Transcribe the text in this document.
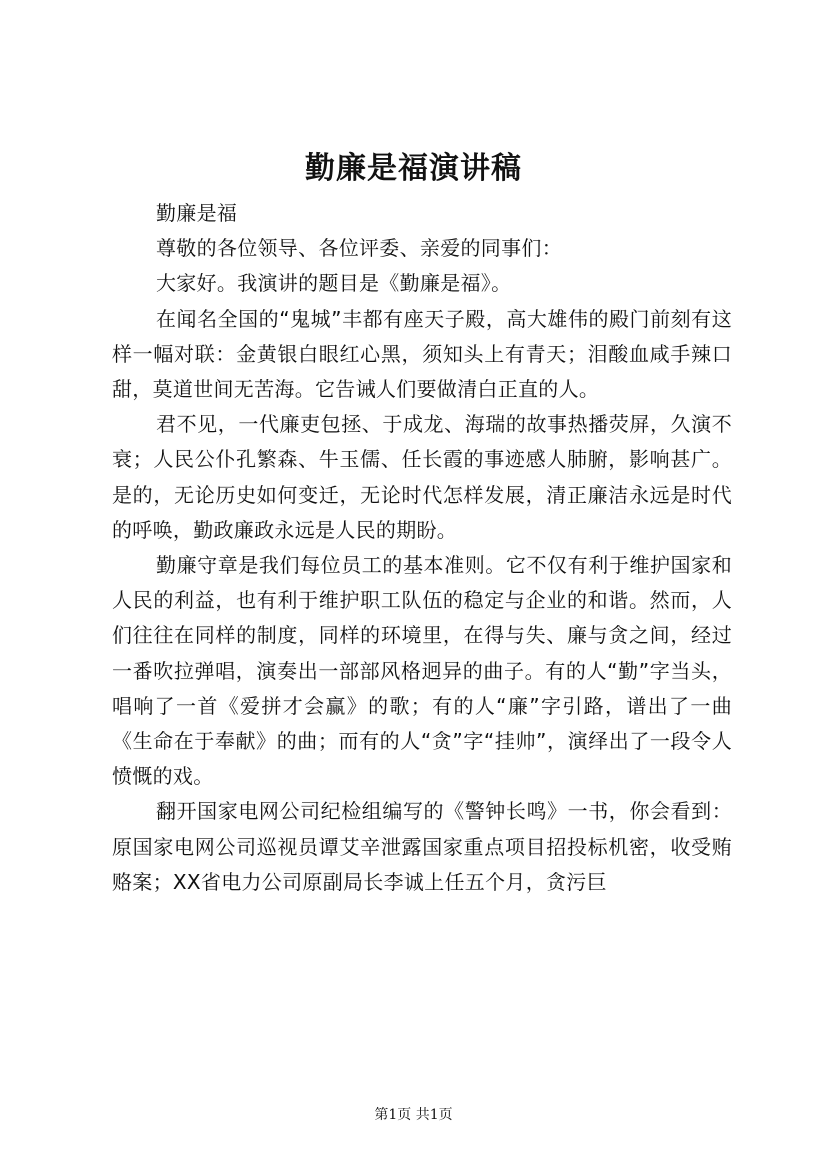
勤廉是福演讲稿

勤廉是福

尊敬的各位领导、各位评委、亲爱的同事们：

大家好。我演讲的题目是《勤廉是福》。

在闻名全国的“鬼城”丰都有座天子殿，高大雄伟的殿门前刻有这样一幅对联：金黄银白眼红心黑，须知头上有青天；泪酸血咸手辣口甜，莫道世间无苦海。它告诫人们要做清白正直的人。

君不见，一代廉吏包拯、于成龙、海瑞的故事热播荧屏，久演不衰；人民公仆孔繁森、牛玉儒、任长霞的事迹感人肺腑，影响甚广。是的，无论历史如何变迁，无论时代怎样发展，清正廉洁永远是时代的呼唤，勤政廉政永远是人民的期盼。

勤廉守章是我们每位员工的基本准则。它不仅有利于维护国家和人民的利益，也有利于维护职工队伍的稳定与企业的和谐。然而，人们往往在同样的制度，同样的环境里，在得与失、廉与贪之间，经过一番吹拉弹唱，演奏出一部部风格迥异的曲子。有的人“勤”字当头，唱响了一首《爱拼才会赢》的歌；有的人“廉”字引路，谱出了一曲《生命在于奉献》的曲；而有的人“贪”字“挂帅”，演绎出了一段令人愤慨的戏。

翻开国家电网公司纪检组编写的《警钟长鸣》一书，你会看到：原国家电网公司巡视员谭艾辛泄露国家重点项目招投标机密，收受贿赂案；XX省电力公司原副局长李诚上任五个月，贪污巨

第1页 共1页
